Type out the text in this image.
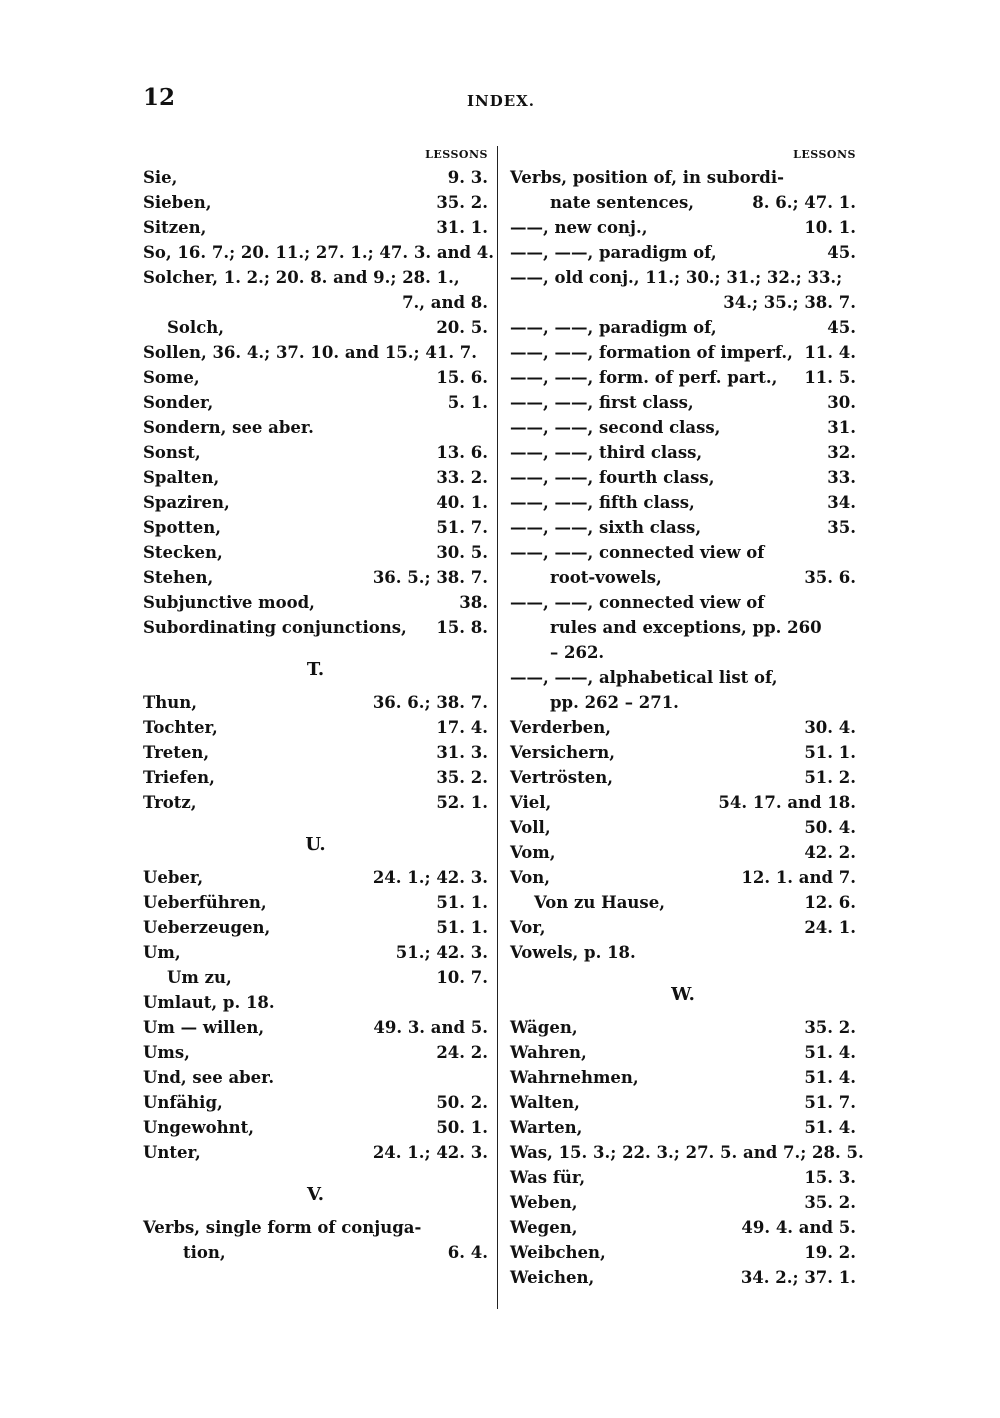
12	INDEX.
LESSONS
Sie,	9. 3.
Sieben,	35. 2.
Sitzen,	31. 1.
So, 16. 7.; 20. 11.; 27. 1.; 47. 3. and 4.
Solcher, 1. 2.; 20. 8. and 9.; 28. 1.,
7., and 8.
Solch,	20. 5.
Sollen, 36. 4.; 37. 10. and 15.; 41. 7.
Some,	15. 6.
Sonder,	5. 1.
Sondern, see aber.
Sonst,	13. 6.
Spalten,	33. 2.
Spaziren,	40. 1.
Spotten,	51. 7.
Stecken,	30. 5.
Stehen,	36. 5.; 38. 7.
Subjunctive mood,	38.
Subordinating conjunctions, 15. 8.
T.
Thun,	36. 6.; 38. 7.
Tochter,	17. 4.
Treten,	31. 3.
Triefen,	35. 2.
Trotz,	52. 1.
U.
Ueber,	24. 1.; 42. 3.
Ueberführen,	51. 1.
Ueberzeugen,	51. 1.
Um,	51.; 42. 3.
Um zu,	10. 7.
Umlaut, p. 18.
Um — willen,	49. 3. and 5.
Ums,	24. 2.
Und, see aber.
Unfähig,	50. 2.
Ungewohnt,	50. 1.
Unter,	24. 1.; 42. 3.
V.
Verbs, single form of conjuga-
tion,	6. 4.
LESSONS
Verbs, position of, in subordi-
nate sentences,	8. 6.; 47. 1.
——, new conj.,	10. 1.
——, ——, paradigm of,	45.
——, old conj., 11.; 30.; 31.; 32.; 33.;
34.; 35.; 38. 7.
——, ——, paradigm of,	45.
——, ——, formation of imperf., 11. 4.
——, ——, form. of perf. part., 11. 5.
——, ——, first class,	30.
——, ——, second class,	31.
——, ——, third class,	32.
——, ——, fourth class,	33.
——, ——, fifth class,	34.
——, ——, sixth class,	35.
——, ——, connected view of
root-vowels,	35. 6.
——, ——, connected view of
rules and exceptions, pp. 260
– 262.
——, ——, alphabetical list of,
pp. 262 – 271.
Verderben,	30. 4.
Versichern,	51. 1.
Vertrösten,	51. 2.
Viel,	54. 17. and 18.
Voll,	50. 4.
Vom,	42. 2.
Von,	12. 1. and 7.
Von zu Hause,	12. 6.
Vor,	24. 1.
Vowels, p. 18.
W.
Wägen,	35. 2.
Wahren,	51. 4.
Wahrnehmen,	51. 4.
Walten,	51. 7.
Warten,	51. 4.
Was, 15. 3.; 22. 3.; 27. 5. and 7.; 28. 5.
Was für,	15. 3.
Weben,	35. 2.
Wegen,	49. 4. and 5.
Weibchen,	19. 2.
Weichen,	34. 2.; 37. 1.
